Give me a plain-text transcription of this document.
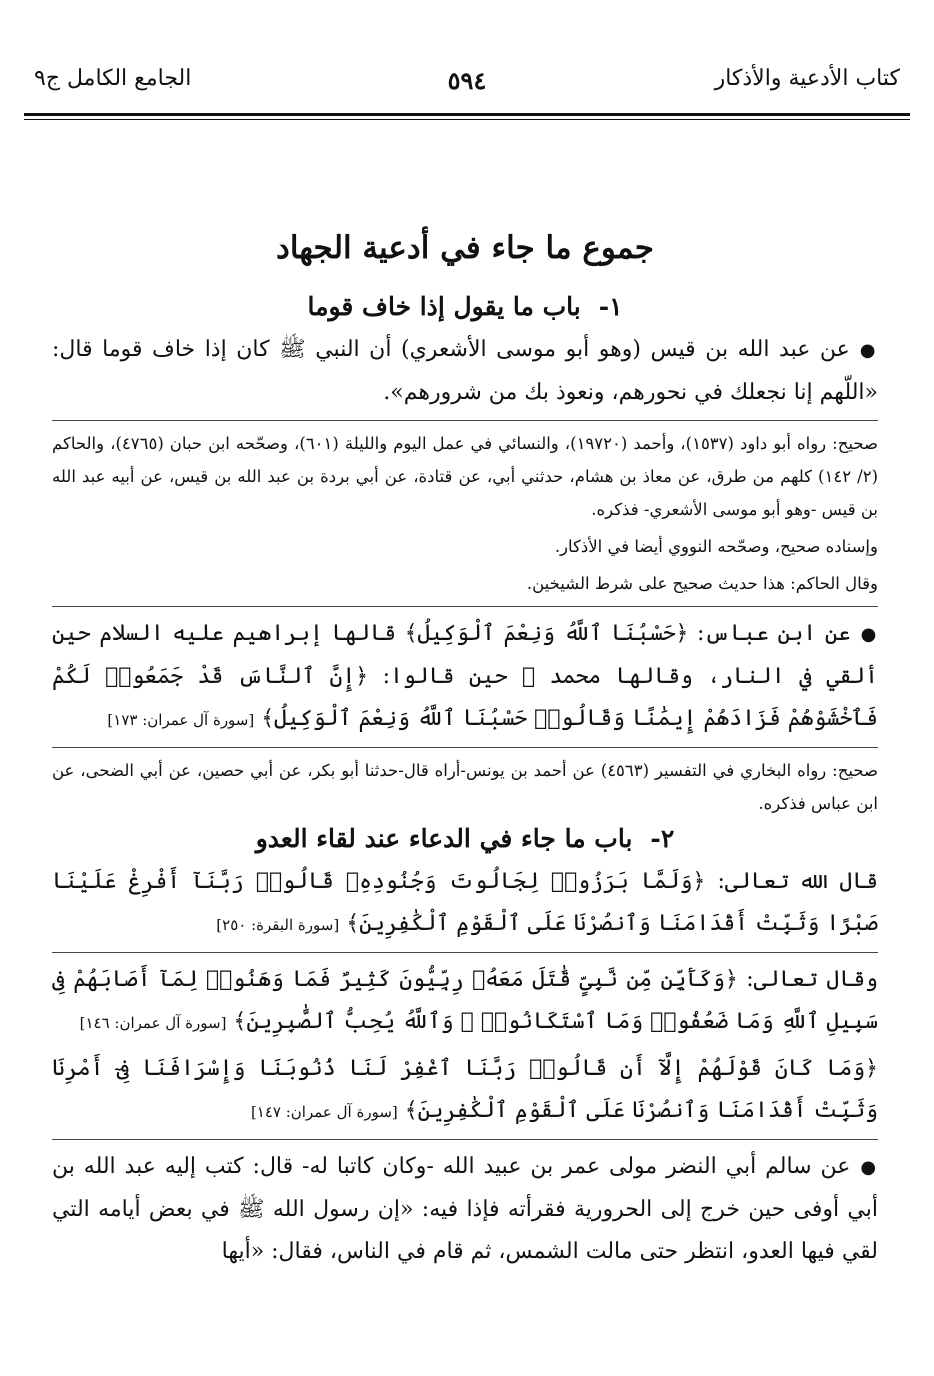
كتاب الأدعية والأذكار
٥٩٤
الجامع الكامل ج٩
جموع ما جاء في أدعية الجهاد
١-باب ما يقول إذا خاف قوما

●عن عبد الله بن قيس (وهو أبو موسى الأشعري) أن النبي ﷺ كان إذا خاف قوما قال: «اللّهم إنا نجعلك في نحورهم، ونعوذ بك من شرورهم».

صحيح: رواه أبو داود (١٥٣٧)، وأحمد (١٩٧٢٠)، والنسائي في عمل اليوم والليلة (٦٠١)، وصحّحه ابن حبان (٤٧٦٥)، والحاكم (٢/ ١٤٢) كلهم من طرق، عن معاذ بن هشام، حدثني أبي، عن قتادة، عن أبي بردة بن عبد الله بن قيس، عن أبيه عبد الله بن قيس -وهو أبو موسى الأشعري- فذكره.

وإسناده صحيح، وصحّحه النووي أيضا في الأذكار.

وقال الحاكم: هذا حديث صحيح على شرط الشيخين.

●عن ابن عباس: ﴿حَسْبُنَا ٱللَّهُ وَنِعْمَ ٱلْوَكِيلُ﴾ قالها إبراهيم عليه السلام حين ألقي في النار، وقالها محمد ﷺ حين قالوا: ﴿إِنَّ ٱلنَّاسَ قَدْ جَمَعُوا۟ لَكُمْ فَٱخْشَوْهُمْ فَزَادَهُمْ إِيمَٰنًا وَقَالُوا۟ حَسْبُنَا ٱللَّهُ وَنِعْمَ ٱلْوَكِيلُ﴾ [سورة آل عمران: ١٧٣]

صحيح: رواه البخاري في التفسير (٤٥٦٣) عن أحمد بن يونس-أراه قال-حدثنا أبو بكر، عن أبي حصين، عن أبي الضحى، عن ابن عباس فذكره.

٢-باب ما جاء في الدعاء عند لقاء العدو

قال الله تعالى: ﴿وَلَمَّا بَرَزُوا۟ لِجَالُوتَ وَجُنُودِهِۦ قَالُوا۟ رَبَّنَآ أَفْرِغْ عَلَيْنَا صَبْرًا وَثَبِّتْ أَقْدَامَنَا وَٱنصُرْنَا عَلَى ٱلْقَوْمِ ٱلْكَٰفِرِينَ﴾ [سورة البقرة: ٢٥٠]

وقال تعالى: ﴿وَكَأَيِّن مِّن نَّبِىٍّ قَٰتَلَ مَعَهُۥ رِبِّيُّونَ كَثِيرٌ فَمَا وَهَنُوا۟ لِمَآ أَصَابَهُمْ فِى سَبِيلِ ٱللَّهِ وَمَا ضَعُفُوا۟ وَمَا ٱسْتَكَانُوا۟ ۗ وَٱللَّهُ يُحِبُّ ٱلصَّٰبِرِينَ﴾ [سورة آل عمران: ١٤٦]

﴿وَمَا كَانَ قَوْلَهُمْ إِلَّآ أَن قَالُوا۟ رَبَّنَا ٱغْفِرْ لَنَا ذُنُوبَنَا وَإِسْرَافَنَا فِىٓ أَمْرِنَا وَثَبِّتْ أَقْدَامَنَا وَٱنصُرْنَا عَلَى ٱلْقَوْمِ ٱلْكَٰفِرِينَ﴾ [سورة آل عمران: ١٤٧]

●عن سالم أبي النضر مولى عمر بن عبيد الله -وكان كاتبا له- قال: كتب إليه عبد الله بن أبي أوفى حين خرج إلى الحرورية فقرأته فإذا فيه: «إن رسول الله ﷺ في بعض أيامه التي لقي فيها العدو، انتظر حتى مالت الشمس، ثم قام في الناس، فقال: «أيها
